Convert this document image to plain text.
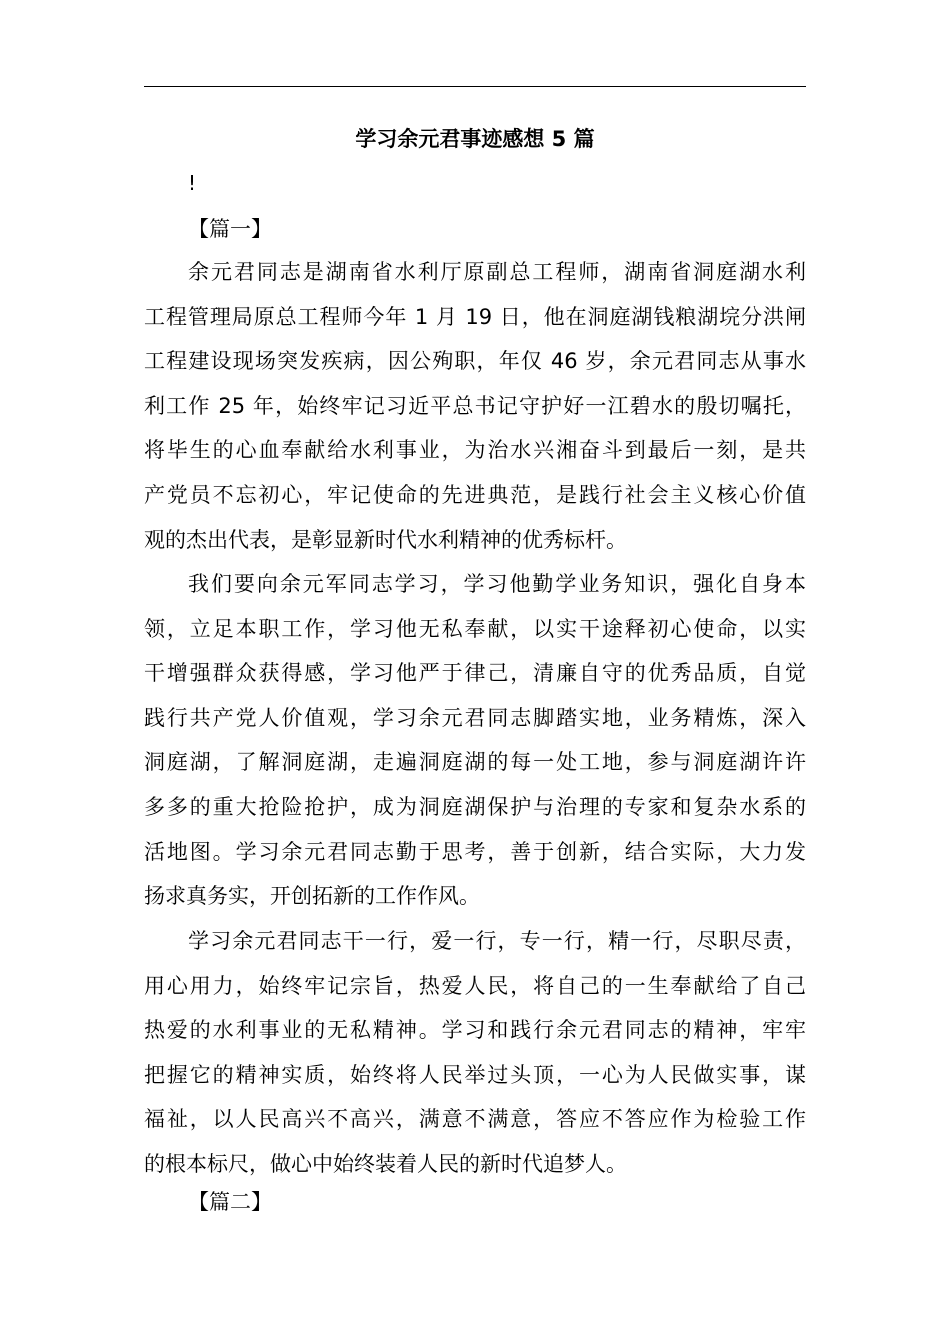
学习余元君事迹感想 5 篇
!
【篇一】
余元君同志是湖南省水利厅原副总工程师，湖南省洞庭湖水利
工程管理局原总工程师今年 1 月 19 日，他在洞庭湖钱粮湖垸分洪闸
工程建设现场突发疾病，因公殉职，年仅 46 岁，余元君同志从事水
利工作 25 年，始终牢记习近平总书记守护好一江碧水的殷切嘱托，
将毕生的心血奉献给水利事业，为治水兴湘奋斗到最后一刻，是共
产党员不忘初心，牢记使命的先进典范，是践行社会主义核心价值
观的杰出代表，是彰显新时代水利精神的优秀标杆。
我们要向余元军同志学习，学习他勤学业务知识，强化自身本
领，立足本职工作，学习他无私奉献，以实干途释初心使命，以实
干增强群众获得感，学习他严于律己，清廉自守的优秀品质，自觉
践行共产党人价值观，学习余元君同志脚踏实地，业务精炼，深入
洞庭湖，了解洞庭湖，走遍洞庭湖的每一处工地，参与洞庭湖许许
多多的重大抢险抢护，成为洞庭湖保护与治理的专家和复杂水系的
活地图。学习余元君同志勤于思考，善于创新，结合实际，大力发
扬求真务实，开创拓新的工作作风。
学习余元君同志干一行，爱一行，专一行，精一行，尽职尽责，
用心用力，始终牢记宗旨，热爱人民，将自己的一生奉献给了自己
热爱的水利事业的无私精神。学习和践行余元君同志的精神，牢牢
把握它的精神实质，始终将人民举过头顶，一心为人民做实事，谋
福祉，以人民高兴不高兴，满意不满意，答应不答应作为检验工作
的根本标尺，做心中始终装着人民的新时代追梦人。
【篇二】
